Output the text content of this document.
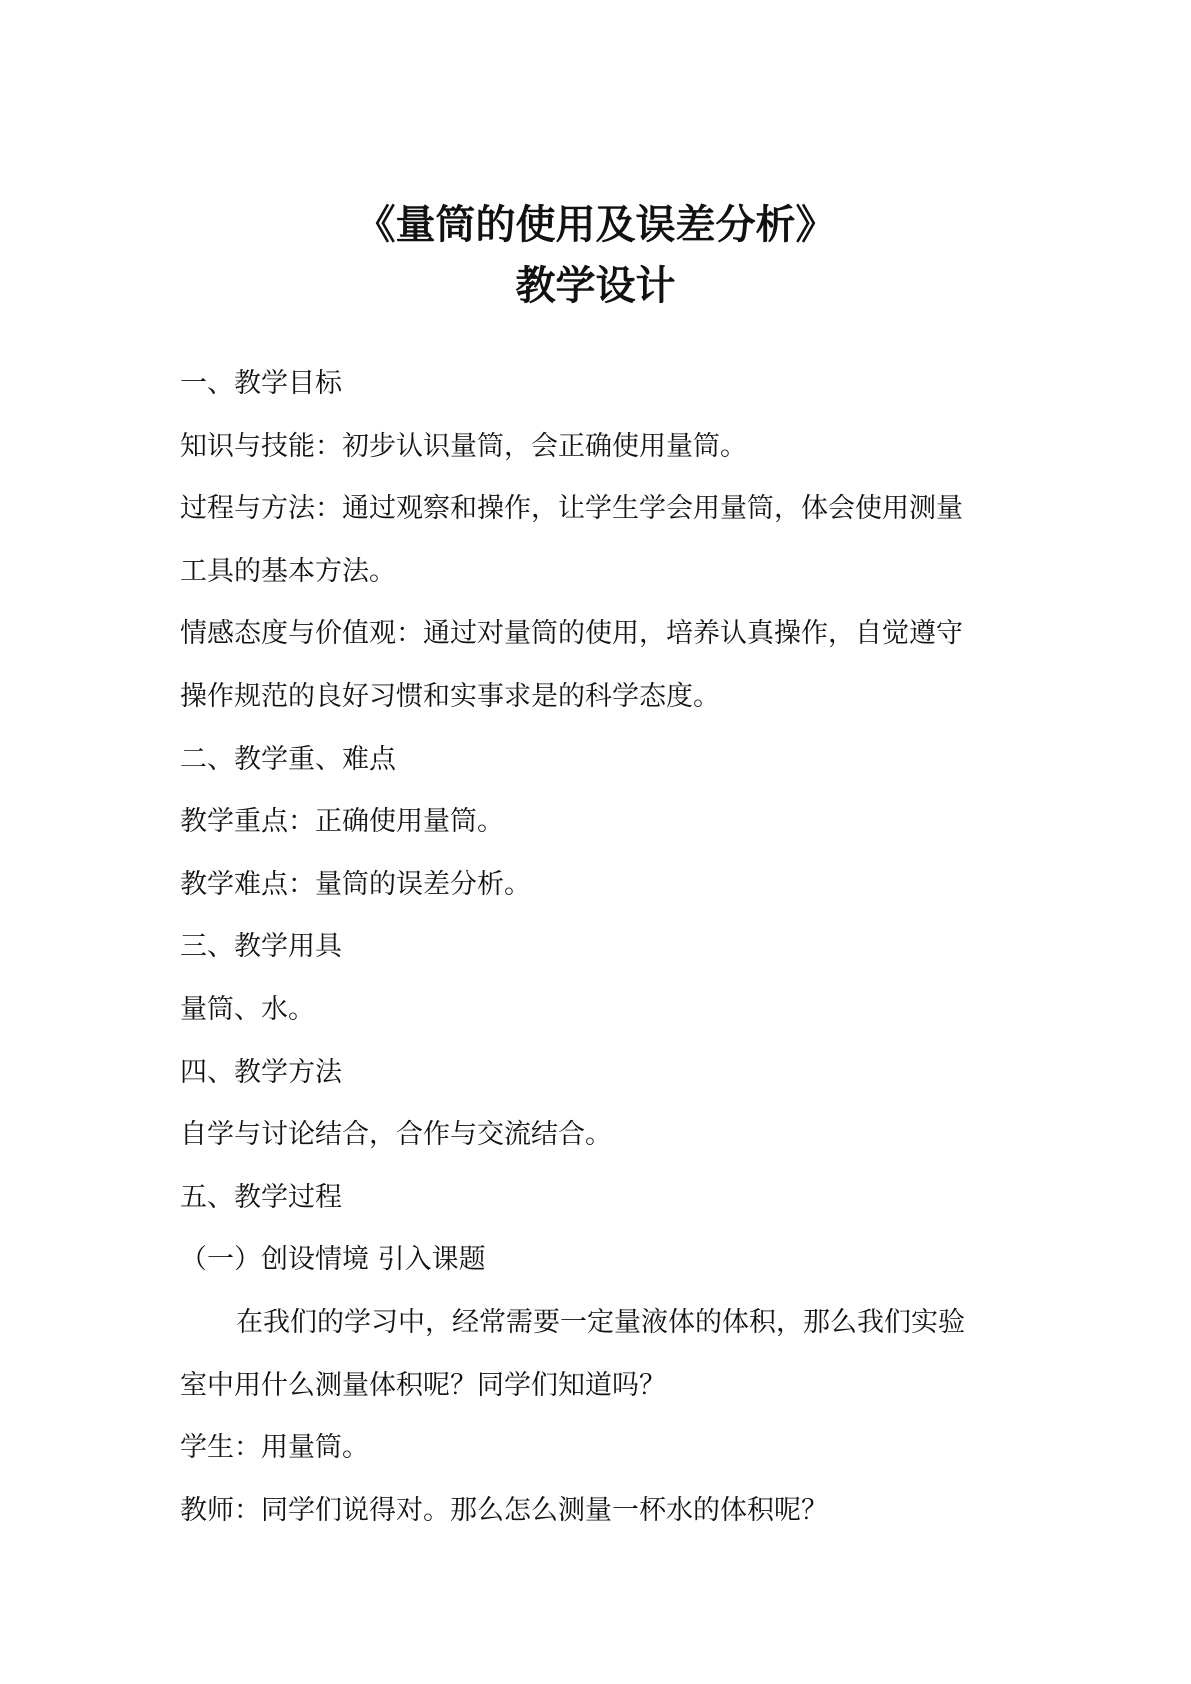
《量筒的使用及误差分析》
教学设计

一、教学目标

知识与技能：初步认识量筒，会正确使用量筒。

过程与方法：通过观察和操作，让学生学会用量筒，体会使用测量

工具的基本方法。

情感态度与价值观：通过对量筒的使用，培养认真操作，自觉遵守

操作规范的良好习惯和实事求是的科学态度。

二、教学重、难点

教学重点：正确使用量筒。

教学难点：量筒的误差分析。

三、教学用具

量筒、水。

四、教学方法

自学与讨论结合，合作与交流结合。

五、教学过程

（一）创设情境 引入课题

在我们的学习中，经常需要一定量液体的体积，那么我们实验

室中用什么测量体积呢？同学们知道吗？

学生：用量筒。

教师：同学们说得对。那么怎么测量一杯水的体积呢？
